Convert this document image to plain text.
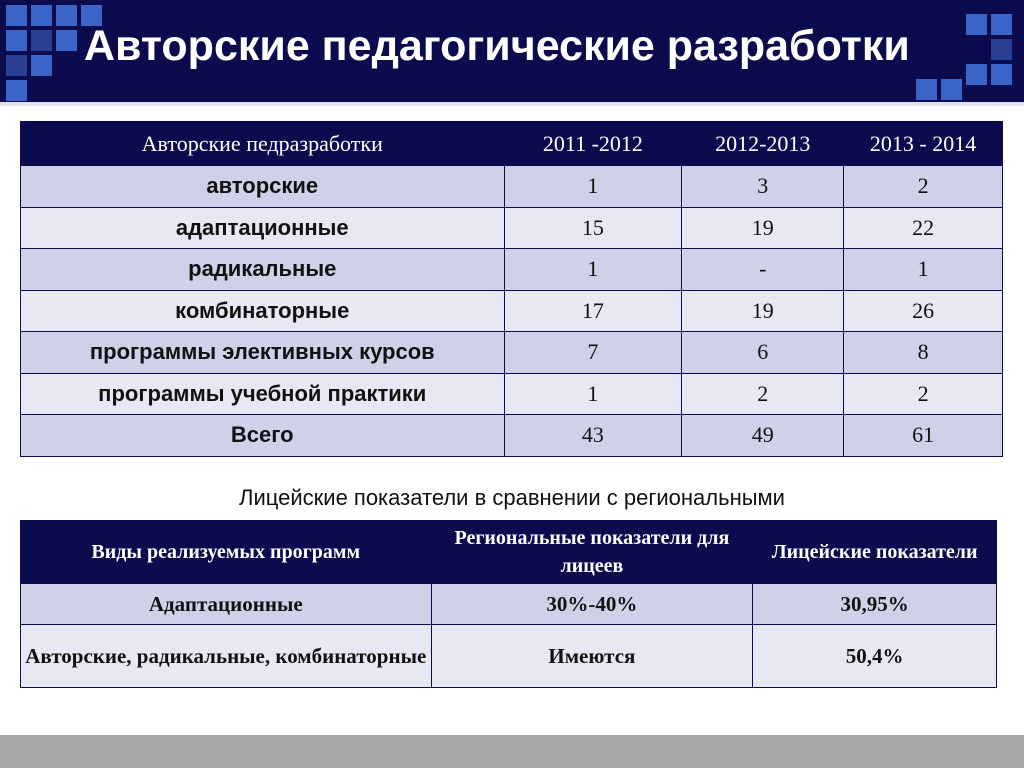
Авторские педагогические разработки
Авторские педразработки	2011 -2012	2012-2013	2013 - 2014
авторские	1	3	2
адаптационные	15	19	22
радикальные	1	-	1
комбинаторные	17	19	26
программы элективных курсов	7	6	8
программы учебной практики	1	2	2
Всего	43	49	61
Лицейские показатели в сравнении с региональными
Виды реализуемых программ	Региональные показатели для лицеев	Лицейские показатели
Адаптационные	30%-40%	30,95%
Авторские, радикальные, комбинаторные	Имеются	50,4%
